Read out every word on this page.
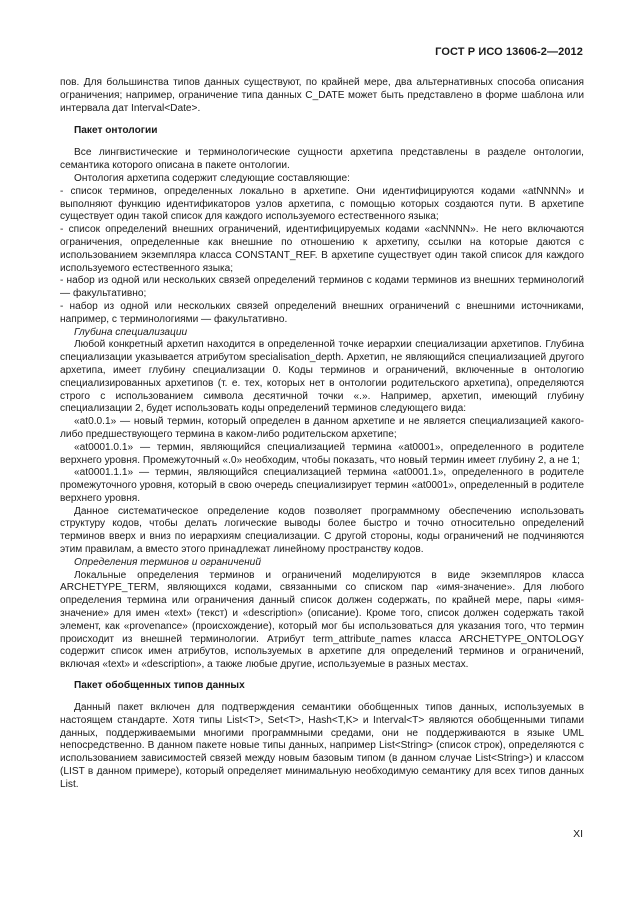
ГОСТ Р ИСО 13606-2—2012

пов. Для большинства типов данных существуют, по крайней мере, два альтернативных способа описания ограничения; например, ограничение типа данных C_DATE может быть представлено в форме шаблона или интервала дат Interval<Date>.

Пакет онтологии

Все лингвистические и терминологические сущности архетипа представлены в разделе онтологии, семантика которого описана в пакете онтологии.

Онтология архетипа содержит следующие составляющие:

- список терминов, определенных локально в архетипе. Они идентифицируются кодами «atNNNN» и выполняют функцию идентификаторов узлов архетипа, с помощью которых создаются пути. В архетипе существует один такой список для каждого используемого естественного языка;

- список определений внешних ограничений, идентифицируемых кодами «acNNNN». Не него включаются ограничения, определенные как внешние по отношению к архетипу, ссылки на которые даются с использованием экземпляра класса CONSTANT_REF. В архетипе существует один такой список для каждого используемого естественного языка;

- набор из одной или нескольких связей определений терминов с кодами терминов из внешних терминологий — факультативно;

- набор из одной или нескольких связей определений внешних ограничений с внешними источниками, например, с терминологиями — факультативно.

Глубина специализации

Любой конкретный архетип находится в определенной точке иерархии специализации архетипов. Глубина специализации указывается атрибутом specialisation_depth. Архетип, не являющийся специализацией другого архетипа, имеет глубину специализации 0. Коды терминов и ограничений, включенные в онтологию специализированных архетипов (т. е. тех, которых нет в онтологии родительского архетипа), определяются строго с использованием символа десятичной точки «.». Например, архетип, имеющий глубину специализации 2, будет использовать коды определений терминов следующего вида:

«at0.0.1» — новый термин, который определен в данном архетипе и не является специализацией какого-либо предшествующего термина в каком-либо родительском архетипе;

«at0001.0.1» — термин, являющийся специализацией термина «at0001», определенного в родителе верхнего уровня. Промежуточный «.0» необходим, чтобы показать, что новый термин имеет глубину 2, а не 1;

«at0001.1.1» — термин, являющийся специализацией термина «at0001.1», определенного в родителе промежуточного уровня, который в свою очередь специализирует термин «at0001», определенный в родителе верхнего уровня.

Данное систематическое определение кодов позволяет программному обеспечению использовать структуру кодов, чтобы делать логические выводы более быстро и точно относительно определений терминов вверх и вниз по иерархиям специализации. С другой стороны, коды ограничений не подчиняются этим правилам, а вместо этого принадлежат линейному пространству кодов.

Определения терминов и ограничений

Локальные определения терминов и ограничений моделируются в виде экземпляров класса ARCHETYPE_TERM, являющихся кодами, связанными со списком пар «имя-значение». Для любого определения термина или ограничения данный список должен содержать, по крайней мере, пары «имя-значение» для имен «text» (текст) и «description» (описание). Кроме того, список должен содержать такой элемент, как «provenance» (происхождение), который мог бы использоваться для указания того, что термин происходит из внешней терминологии. Атрибут term_attribute_names класса ARCHETYPE_ONTOLOGY содержит список имен атрибутов, используемых в архетипе для определений терминов и ограничений, включая «text» и «description», а также любые другие, используемые в разных местах.

Пакет обобщенных типов данных

Данный пакет включен для подтверждения семантики обобщенных типов данных, используемых в настоящем стандарте. Хотя типы List<T>, Set<T>, Hash<T,K> и Interval<T> являются обобщенными типами данных, поддерживаемыми многими программными средами, они не поддерживаются в языке UML непосредственно. В данном пакете новые типы данных, например List<String> (список строк), определяются с использованием зависимостей связей между новым базовым типом (в данном случае List<String>) и классом (LIST в данном примере), который определяет минимальную необходимую семантику для всех типов данных List.

XI
